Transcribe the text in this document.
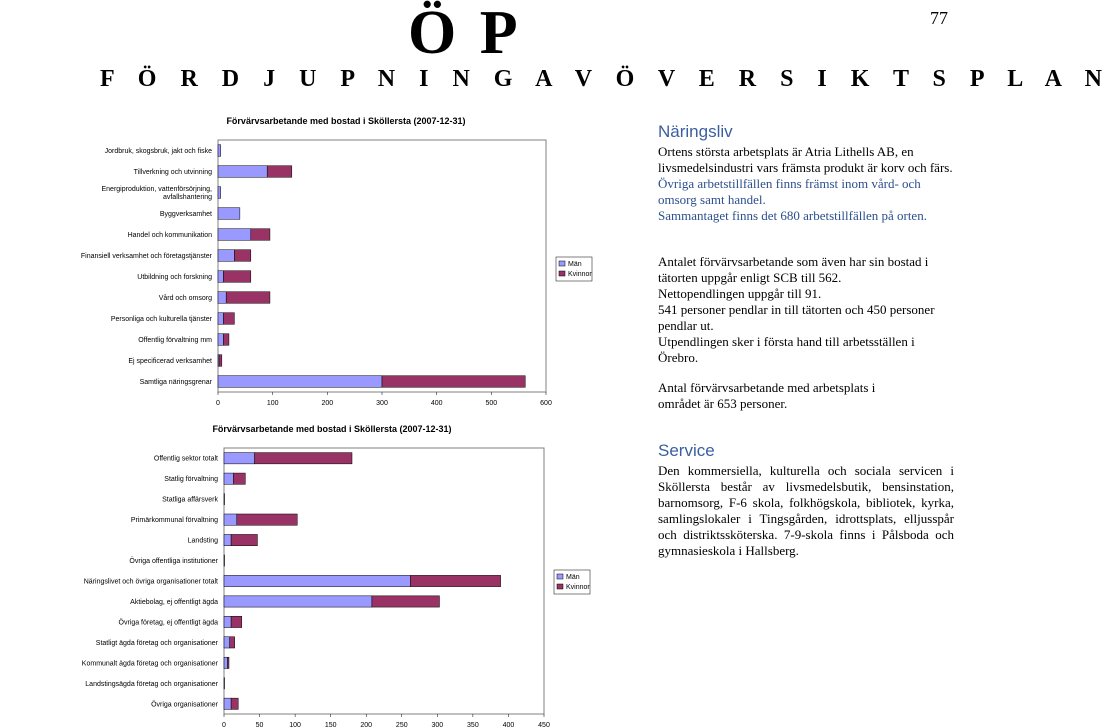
77
Ö P
F Ö R D J U P N I N G A V Ö V E R S I K T S P L A N
Förvärvsarbetande med bostad i Sköllersta (2007-12-31)
Jordbruk, skogsbruk, jakt och fiske
Tillverkning och utvinning
Energiproduktion, vattenförsörjning,
avfallshantering
Byggverksamhet
Handel och kommunikation
Finansiell verksamhet och företagstjänster
Utbildning och forskning
Vård och omsorg
Personliga och kulturella tjänster
Offentlig förvaltning mm
Ej specificerad verksamhet
Samtliga näringsgrenar
0	100	200	300	400	500	600
Män
Kvinnor
Förvärvsarbetande med bostad i Sköllersta (2007-12-31)
Offentlig sektor totalt
Statlig förvaltning
Statliga affärsverk
Primärkommunal förvaltning
Landsting
Övriga offentliga institutioner
Näringslivet och övriga organisationer totalt
Aktiebolag, ej offentligt ägda
Övriga företag, ej offentligt ägda
Statligt ägda företag och organisationer
Kommunalt ägda företag och organisationer
Landstingsägda företag och organisationer
Övriga organisationer
0	50	100	150	200	250	300	350	400	450
Män
Kvinnor
Näringsliv

Ortens största arbetsplats är Atria Lithells AB, en livsmedelsindustri vars främsta produkt är korv och färs. Övriga arbetstillfällen finns främst inom vård- och omsorg samt handel.
Sammantaget finns det 680 arbetstillfällen på orten.

Antalet förvärvsarbetande som även har sin bostad i tätorten uppgår enligt SCB till 562.

Nettopendlingen uppgår till 91.

541 personer pendlar in till tätorten och 450 personer pendlar ut.

Utpendlingen sker i första hand till arbetsställen i Örebro.

Antal förvärvsarbetande med arbetsplats i området är 653 personer.

Service

Den kommersiella, kulturella och sociala servicen i Sköllersta består av livsmedelsbutik, bensinstation, barnomsorg, F-6 skola, folkhögskola, bibliotek, kyrka, samlingslokaler i Tingsgården, idrottsplats, elljusspår och distriktssköterska. 7-9-skola finns i Pålsboda och gymnasieskola i Hallsberg.
